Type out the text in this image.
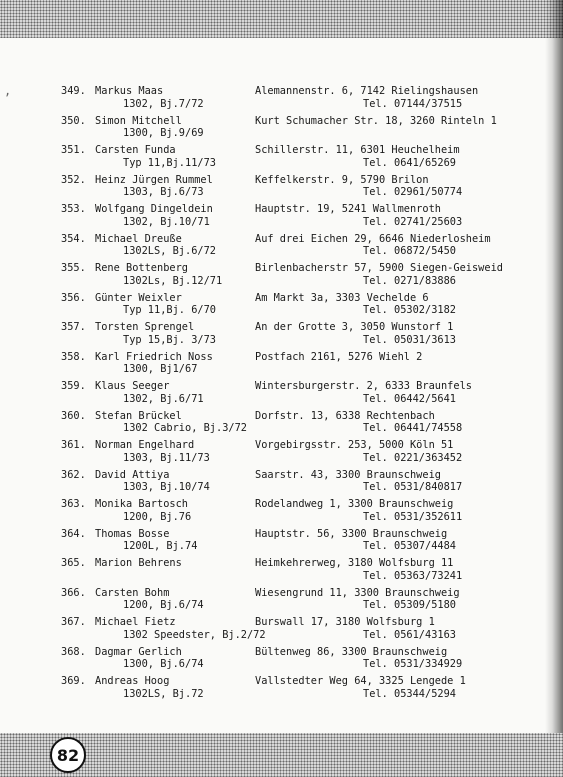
,	349. Markus Maas
1302, Bj.7/72
Alemannenstr. 6, 7142 Rielingshausen
Tel. 07144/37515
350. Simon Mitchell
1300, Bj.9/69
Kurt Schumacher Str. 18, 3260 Rinteln 1
351. Carsten Funda
Typ 11,Bj.11/73
Schillerstr. 11, 6301 Heuchelheim
Tel. 0641/65269
352. Heinz Jürgen Rummel
1303, Bj.6/73
Keffelkerstr. 9, 5790 Brilon
Tel. 02961/50774
353. Wolfgang Dingeldein
1302, Bj.10/71
Hauptstr. 19, 5241 Wallmenroth
Tel. 02741/25603
354. Michael Dreuße
1302LS, Bj.6/72
Auf drei Eichen 29, 6646 Niederlosheim
Tel. 06872/5450
355. Rene Bottenberg
1302Ls, Bj.12/71
Birlenbacherstr 57, 5900 Siegen-Geisweid
Tel. 0271/83886
356. Günter Weixler
Typ 11,Bj. 6/70
Am Markt 3a, 3303 Vechelde 6
Tel. 05302/3182
357. Torsten Sprengel
Typ 15,Bj. 3/73
An der Grotte 3, 3050 Wunstorf 1
Tel. 05031/3613
358. Karl Friedrich Noss
1300, Bj1/67
Postfach 2161, 5276 Wiehl 2
359. Klaus Seeger
1302, Bj.6/71
Wintersburgerstr. 2, 6333 Braunfels
Tel. 06442/5641
360. Stefan Brückel
1302 Cabrio, Bj.3/72
Dorfstr. 13, 6338 Rechtenbach
Tel. 06441/74558
361. Norman Engelhard
1303, Bj.11/73
Vorgebirgsstr. 253, 5000 Köln 51
Tel. 0221/363452
362. David Attiya
1303, Bj.10/74
Saarstr. 43, 3300 Braunschweig
Tel. 0531/840817
363. Monika Bartosch
1200, Bj.76
Rodelandweg 1, 3300 Braunschweig
Tel. 0531/352611
364. Thomas Bosse
1200L, Bj.74
Hauptstr. 56, 3300 Braunschweig
Tel. 05307/4484
365. Marion Behrens	Heimkehrerweg, 3180 Wolfsburg 11
Tel. 05363/73241
366. Carsten Bohm
1200, Bj.6/74
Wiesengrund 11, 3300 Braunschweig
Tel. 05309/5180
367. Michael Fietz
1302 Speedster, Bj.2/72
Burswall 17, 3180 Wolfsburg 1
Tel. 0561/43163
368. Dagmar Gerlich
1300, Bj.6/74
Bültenweg 86, 3300 Braunschweig
Tel. 0531/334929
369. Andreas Hoog
1302LS, Bj.72
Vallstedter Weg 64, 3325 Lengede 1
Tel. 05344/5294
82
